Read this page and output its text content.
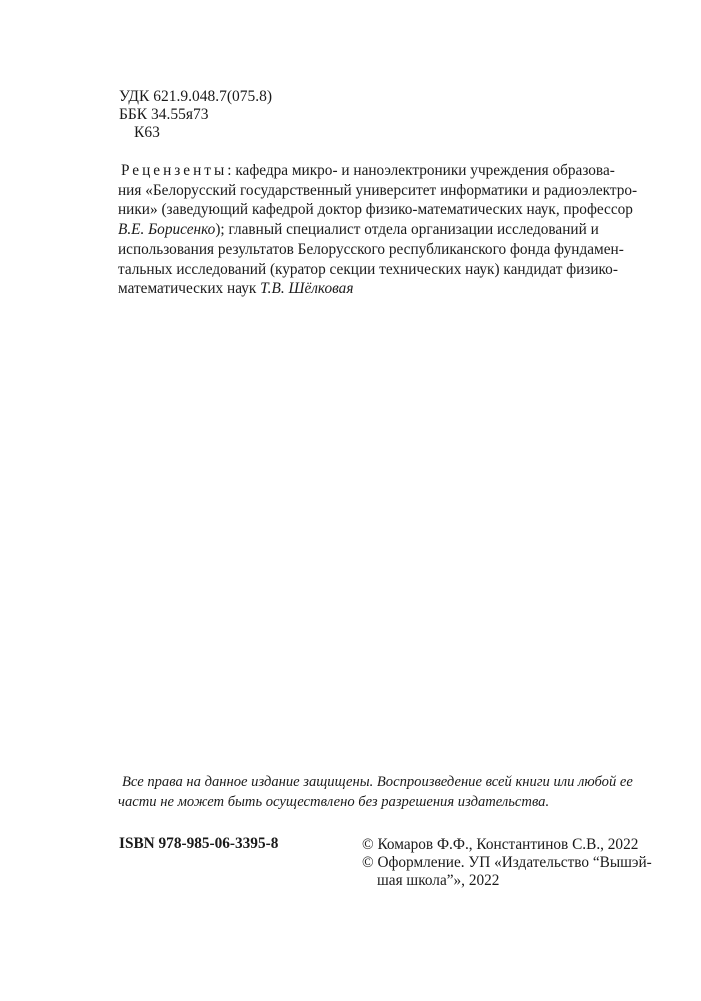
УДК 621.9.048.7(075.8)
ББК 34.55я73
К63
Рецензенты: кафедра микро- и наноэлектроники учреждения образова-
ния «Белорусский государственный университет информатики и радиоэлектро-
ники» (заведующий кафедрой доктор физико-математических наук, профессор
В.Е. Борисенко); главный специалист отдела организации исследований и
использования результатов Белорусского республиканского фонда фундамен-
тальных исследований (куратор секции технических наук) кандидат физико-
математических наук Т.В. Шёлковая
Все права на данное издание защищены. Воспроизведение всей книги или любой ее
части не может быть осуществлено без разрешения издательства.
ISBN 978-985-06-3395-8	© Комаров Ф.Ф., Константинов С.В., 2022
© Оформление. УП «Издательство “Вышэй-
шая школа”», 2022
